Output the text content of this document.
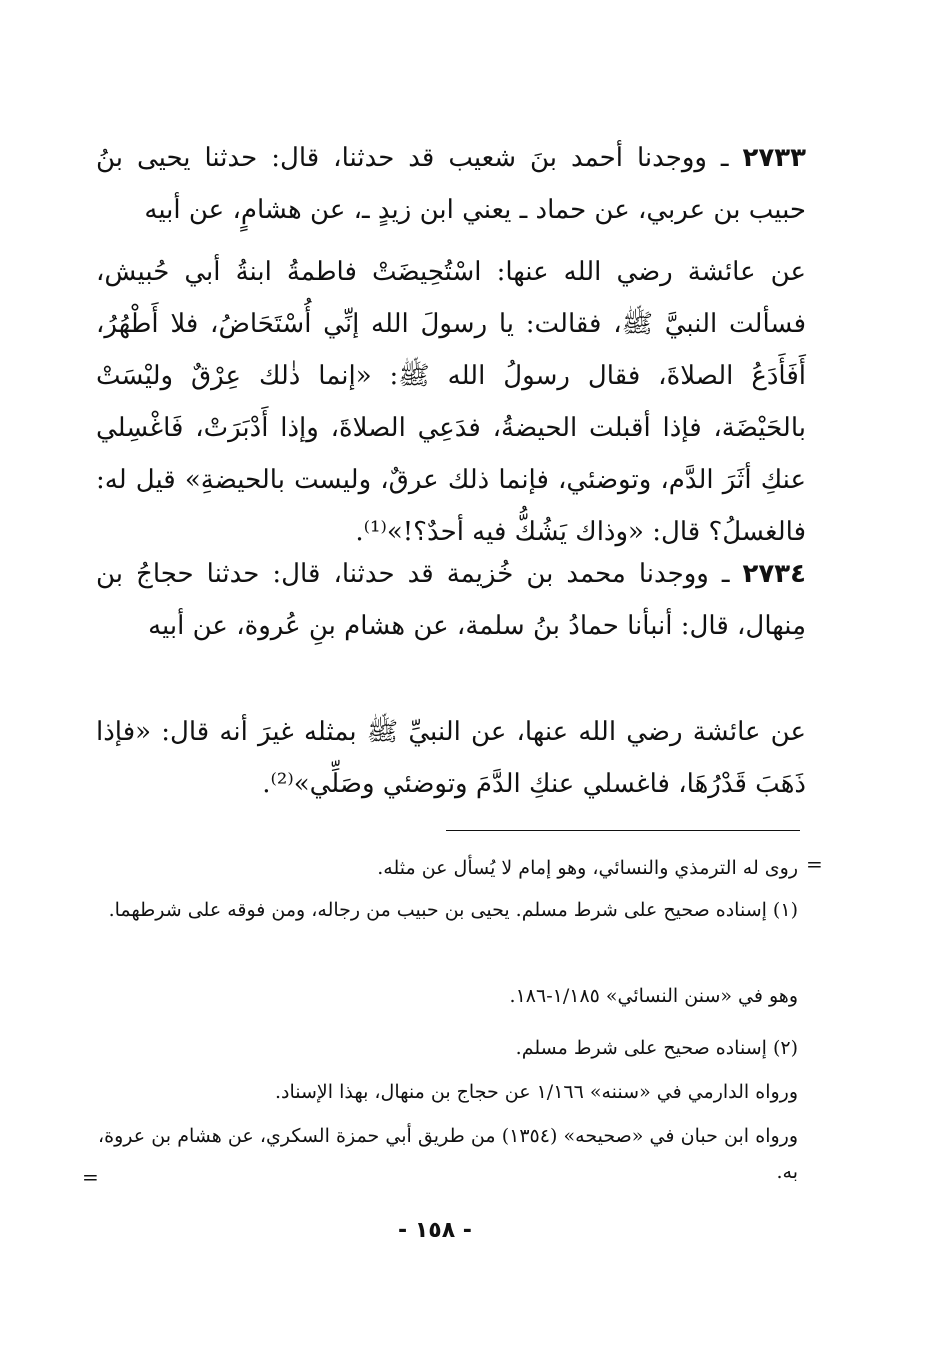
٢٧٣٣ ـ ووجدنا أحمد بنَ شعيب قد حدثنا، قال: حدثنا يحيى بنُ حبيب بن عربي، عن حماد ـ يعني ابن زيدٍ ـ، عن هشامٍ، عن أبيه

عن عائشة رضي الله عنها: اسْتُحِيضَتْ فاطمةُ ابنةُ أبي حُبيش، فسألت النبيَّ ﷺ، فقالت: يا رسولَ الله إنِّي أُسْتَحَاضُ، فلا أَطْهُرُ، أَفَأَدَعُ الصلاةَ، فقال رسولُ الله ﷺ: «إنما ذٰلك عِرْقٌ وليْسَتْ بالحَيْضَة، فإذا أقبلت الحيضةُ، فدَعِي الصلاةَ، وإذا أَدْبَرَتْ، فَاغْسِلي عنكِ أثَرَ الدَّم، وتوضئي، فإنما ذلك عرقٌ، وليست بالحيضةِ» قيل له: فالغسلُ؟ قال: «وذاك يَشُكُّ فيه أحدٌ؟!»⁽¹⁾.

٢٧٣٤ ـ ووجدنا محمد بن خُزيمة قد حدثنا، قال: حدثنا حجاجُ بن مِنهال، قال: أنبأنا حمادُ بنُ سلمة، عن هشام بنِ عُروة، عن أبيه

عن عائشة رضي الله عنها، عن النبيِّ ﷺ بمثله غيرَ أنه قال: «فإذا ذَهَبَ قَدْرُهَا، فاغسلي عنكِ الدَّمَ وتوضئي وصَلِّي»⁽²⁾.

=

روى له الترمذي والنسائي، وهو إمام لا يُسأل عن مثله.

(١) إسناده صحيح على شرط مسلم. يحيى بن حبيب من رجاله، ومن فوقه على شرطهما.

وهو في «سنن النسائي» ١/١٨٥-١٨٦.

(٢) إسناده صحيح على شرط مسلم.

ورواه الدارمي في «سننه» ١/١٦٦ عن حجاج بن منهال، بهذا الإسناد.

ورواه ابن حبان في «صحيحه» (١٣٥٤) من طريق أبي حمزة السكري، عن هشام بن عروة، به.

=
- ١٥٨ -
